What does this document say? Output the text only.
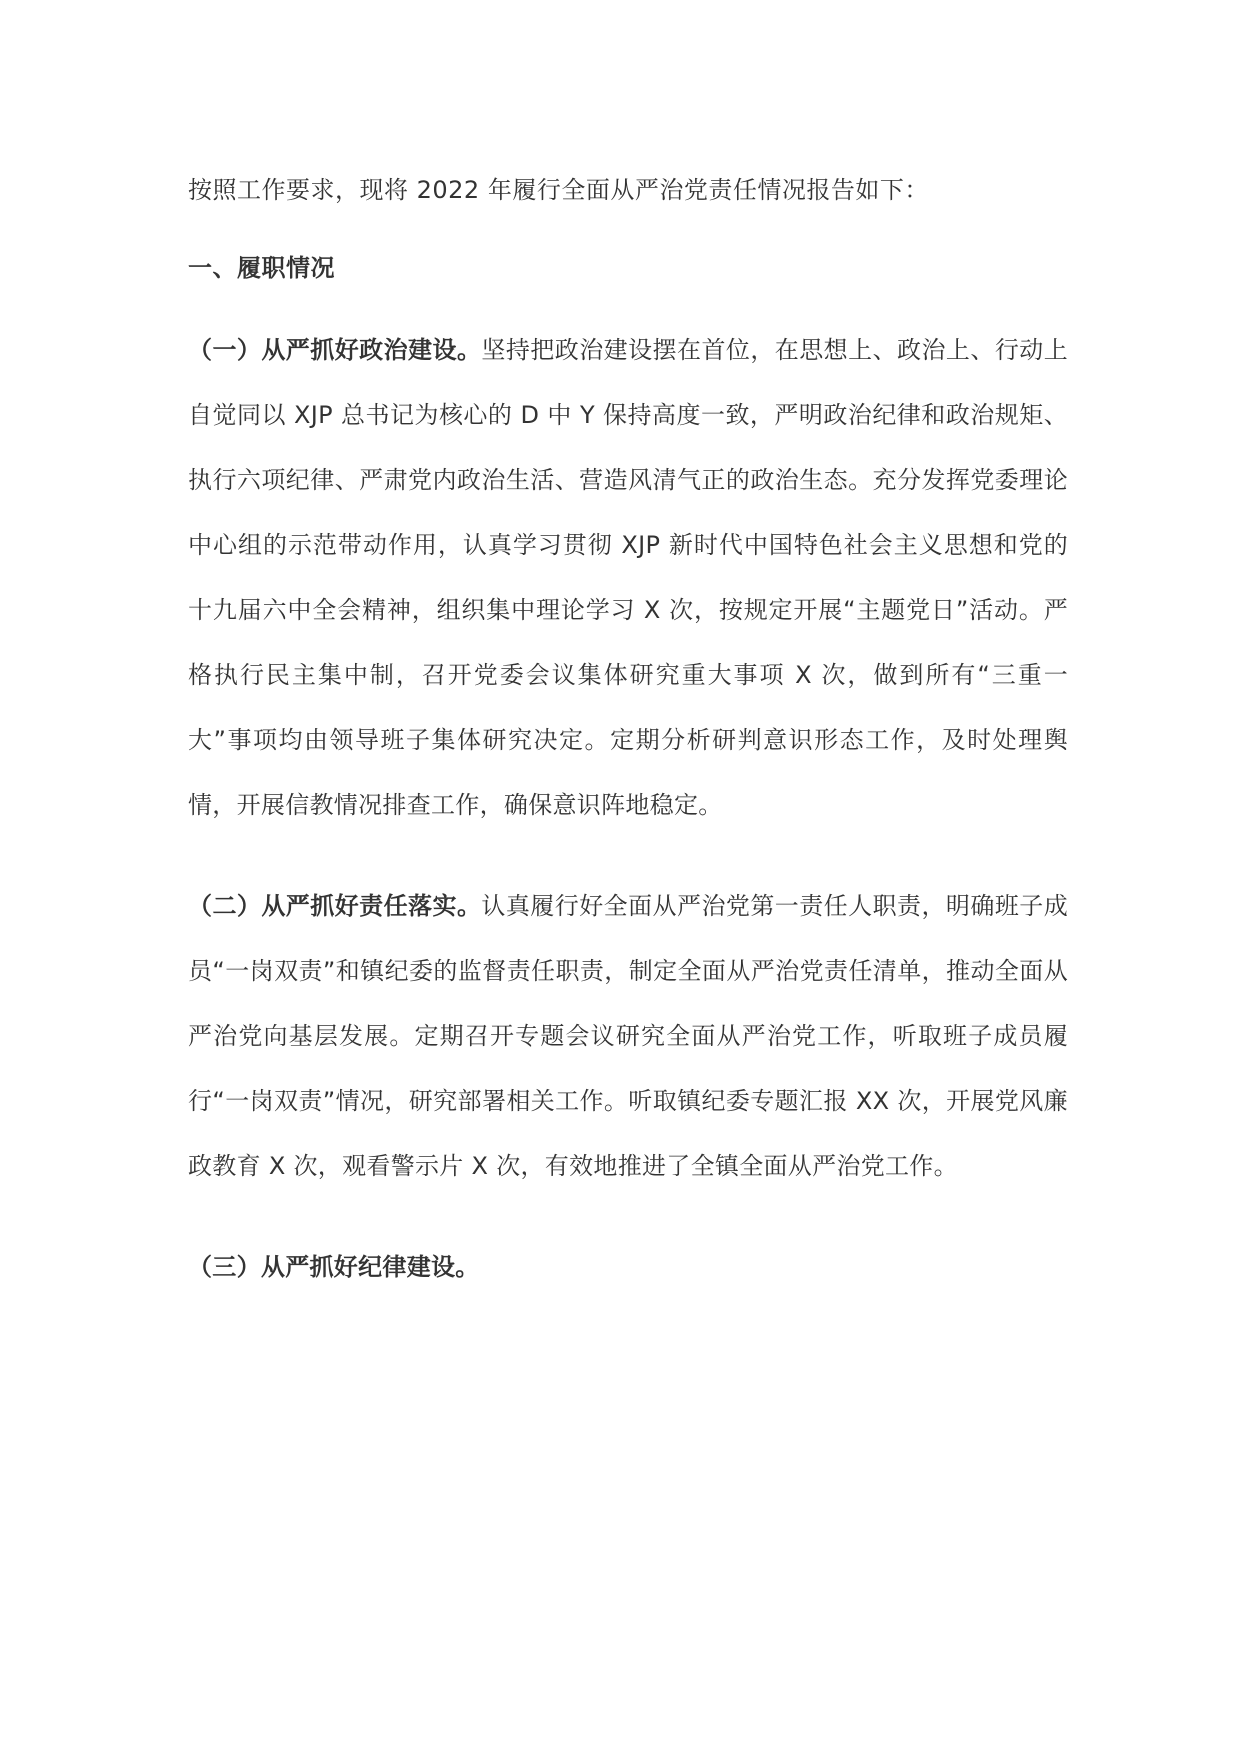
按照工作要求，现将 2022 年履行全面从严治党责任情况报告如下：

一、履职情况

（一）从严抓好政治建设。坚持把政治建设摆在首位，在思想上、政治上、行动上自觉同以 XJP 总书记为核心的 D 中 Y 保持高度一致，严明政治纪律和政治规矩、执行六项纪律、严肃党内政治生活、营造风清气正的政治生态。充分发挥党委理论中心组的示范带动作用，认真学习贯彻 XJP 新时代中国特色社会主义思想和党的十九届六中全会精神，组织集中理论学习 X 次，按规定开展“主题党日”活动。严格执行民主集中制，召开党委会议集体研究重大事项 X 次，做到所有“三重一大”事项均由领导班子集体研究决定。定期分析研判意识形态工作，及时处理舆情，开展信教情况排查工作，确保意识阵地稳定。

（二）从严抓好责任落实。认真履行好全面从严治党第一责任人职责，明确班子成员“一岗双责”和镇纪委的监督责任职责，制定全面从严治党责任清单，推动全面从严治党向基层发展。定期召开专题会议研究全面从严治党工作，听取班子成员履行“一岗双责”情况，研究部署相关工作。听取镇纪委专题汇报 XX 次，开展党风廉政教育 X 次，观看警示片 X 次，有效地推进了全镇全面从严治党工作。

（三）从严抓好纪律建设。
